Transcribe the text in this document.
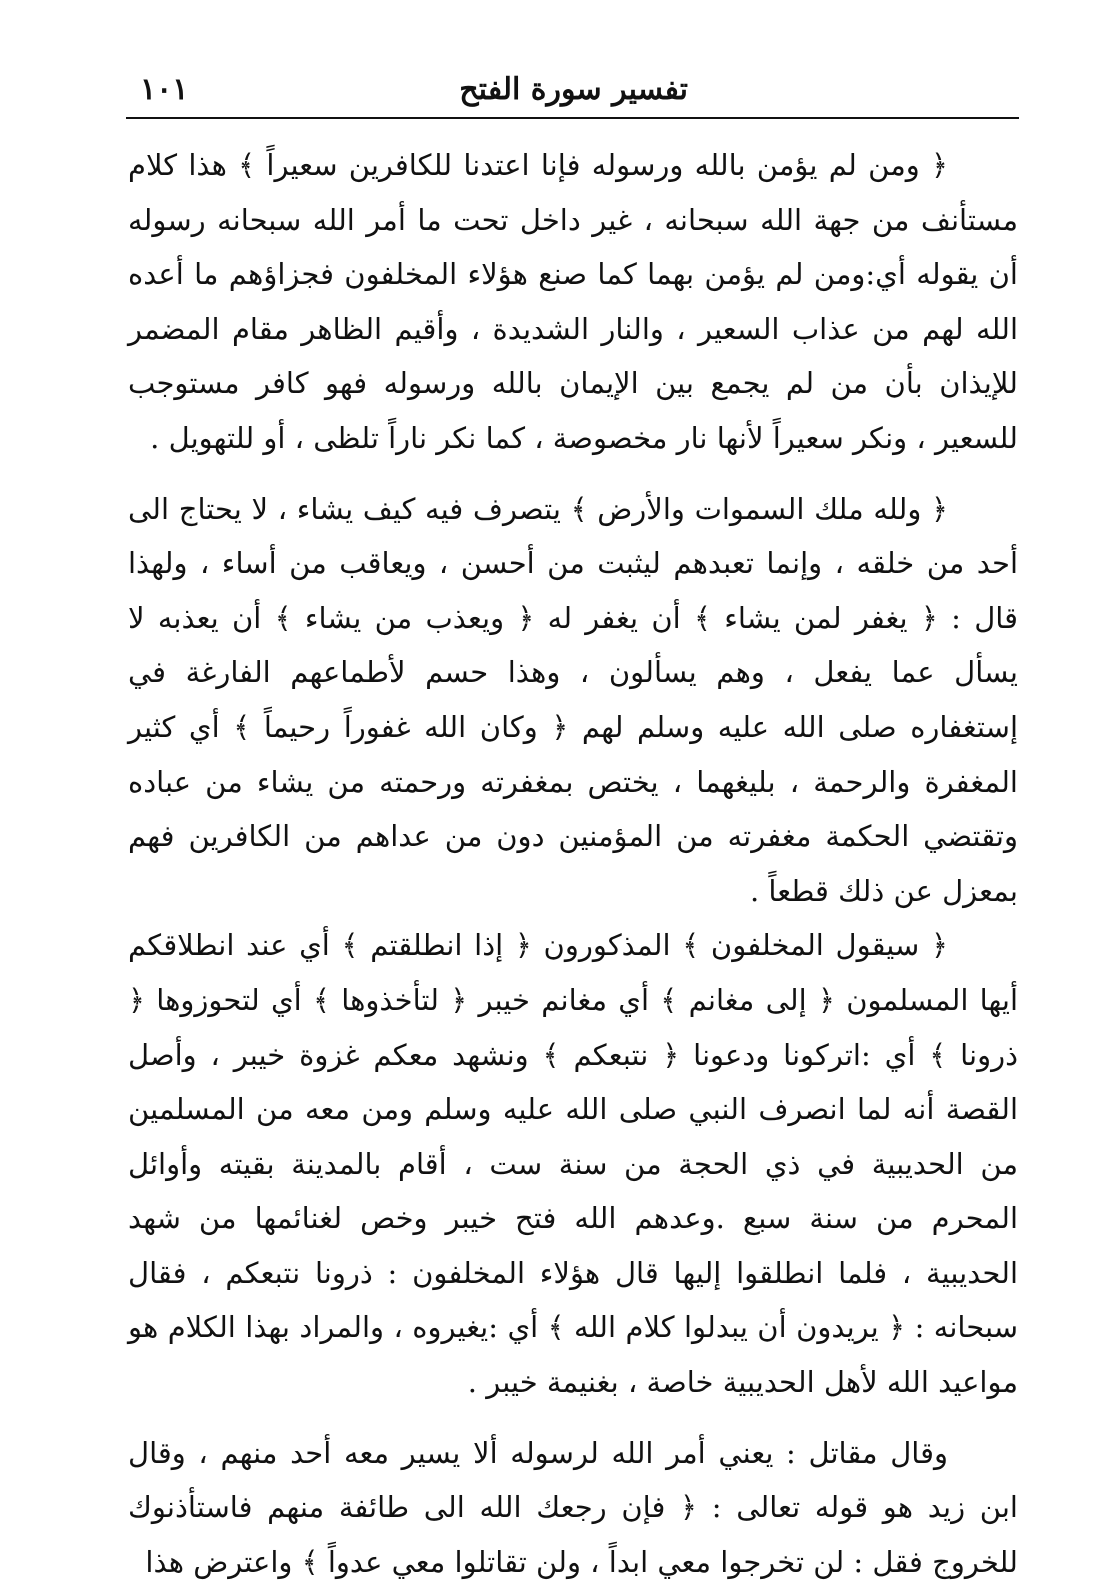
تفسير سورة الفتح
١٠١

﴿ ومن لم يؤمن بالله ورسوله فإنا اعتدنا للكافرين سعيراً ﴾ هذا كلام مستأنف من جهة الله سبحانه ، غير داخل تحت ما أمر الله سبحانه رسوله أن يقوله أي:ومن لم يؤمن بهما كما صنع هؤلاء المخلفون فجزاؤهم ما أعده الله لهم من عذاب السعير ، والنار الشديدة ، وأقيم الظاهر مقام المضمر للإيذان بأن من لم يجمع بين الإيمان بالله ورسوله فهو كافر مستوجب للسعير ، ونكر سعيراً لأنها نار مخصوصة ، كما نكر ناراً تلظى ، أو للتهويل .

﴿ ولله ملك السموات والأرض ﴾ يتصرف فيه كيف يشاء ، لا يحتاج الى أحد من خلقه ، وإنما تعبدهم ليثبت من أحسن ، ويعاقب من أساء ، ولهذا قال : ﴿ يغفر لمن يشاء ﴾ أن يغفر له ﴿ ويعذب من يشاء ﴾ أن يعذبه لا يسأل عما يفعل ، وهم يسألون ، وهذا حسم لأطماعهم الفارغة في إستغفاره صلى الله عليه وسلم لهم ﴿ وكان الله غفوراً رحيماً ﴾ أي كثير المغفرة والرحمة ، بليغهما ، يختص بمغفرته ورحمته من يشاء من عباده وتقتضي الحكمة مغفرته من المؤمنين دون من عداهم من الكافرين فهم بمعزل عن ذلك قطعاً .

﴿ سيقول المخلفون ﴾ المذكورون ﴿ إذا انطلقتم ﴾ أي عند انطلاقكم أيها المسلمون ﴿ إلى مغانم ﴾ أي مغانم خيبر ﴿ لتأخذوها ﴾ أي لتحوزوها ﴿ ذرونا ﴾ أي :اتركونا ودعونا ﴿ نتبعكم ﴾ ونشهد معكم غزوة خيبر ، وأصل القصة أنه لما انصرف النبي صلى الله عليه وسلم ومن معه من المسلمين من الحديبية في ذي الحجة من سنة ست ، أقام بالمدينة بقيته وأوائل المحرم من سنة سبع .وعدهم الله فتح خيبر وخص لغنائمها من شهد الحديبية ، فلما انطلقوا إليها قال هؤلاء المخلفون : ذرونا نتبعكم ، فقال سبحانه : ﴿ يريدون أن يبدلوا كلام الله ﴾ أي :يغيروه ، والمراد بهذا الكلام هو مواعيد الله لأهل الحديبية خاصة ، بغنيمة خيبر .

وقال مقاتل : يعني أمر الله لرسوله ألا يسير معه أحد منهم ، وقال ابن زيد هو قوله تعالى : ﴿ فإن رجعك الله الى طائفة منهم فاستأذنوك للخروج فقل : لن تخرجوا معي ابداً ، ولن تقاتلوا معي عدواً ﴾ واعترض هذا
